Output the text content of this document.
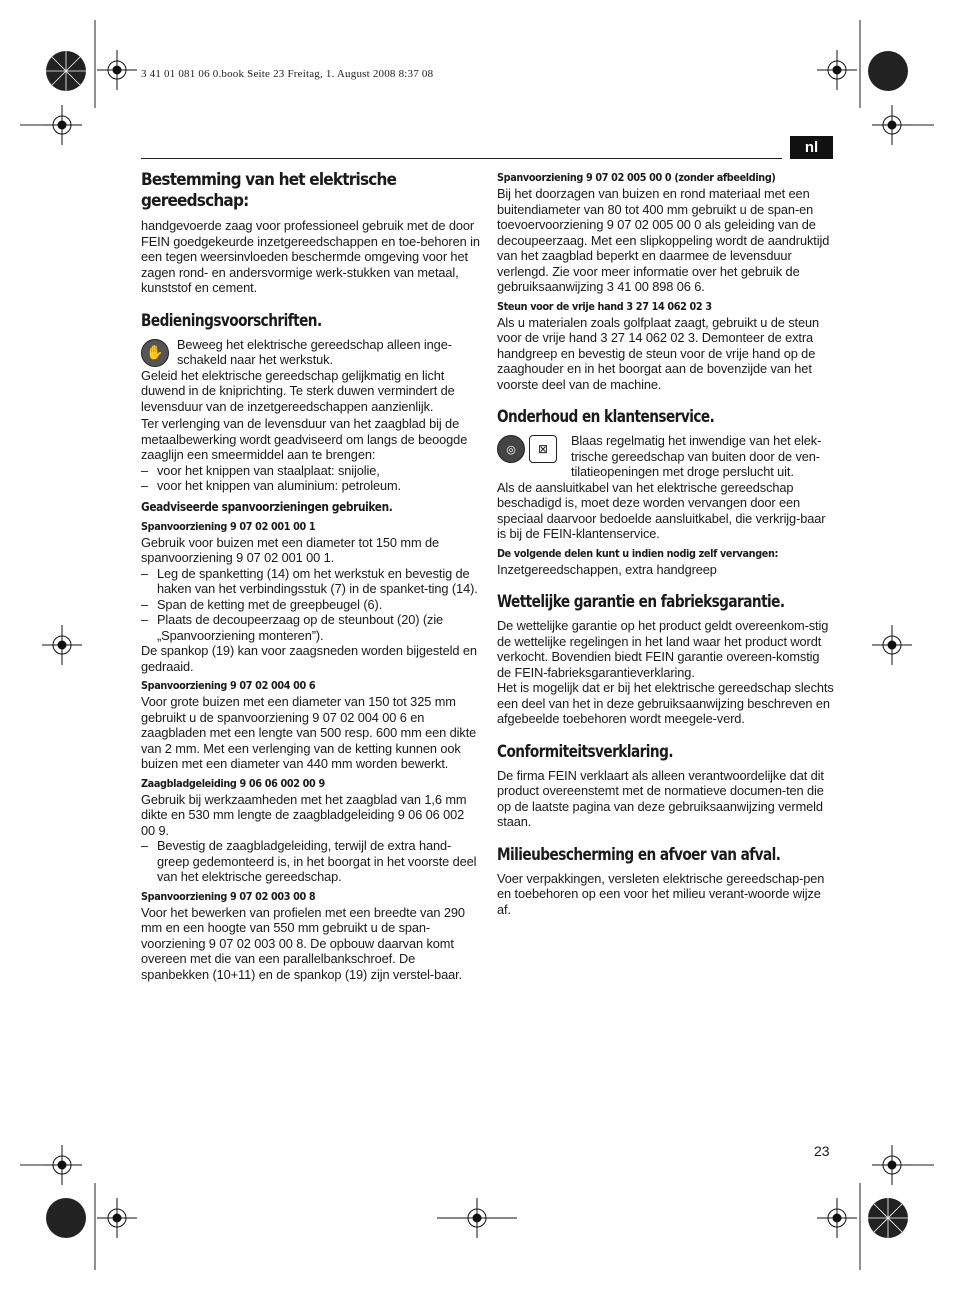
3 41 01 081 06 0.book Seite 23 Freitag, 1. August 2008 8:37 08
nl
23
Bestemming van het elektrische gereedschap:

handgevoerde zaag voor professioneel gebruik met de door FEIN goedgekeurde inzetgereedschappen en toe-behoren in een tegen weersinvloeden beschermde omgeving voor het zagen rond- en andersvormige werk-stukken van metaal, kunststof en cement.

Bedieningsvoorschriften.
✋	Beweeg het elektrische gereedschap alleen inge-schakeld naar het werkstuk.

Geleid het elektrische gereedschap gelijkmatig en licht duwend in de kniprichting. Te sterk duwen vermindert de levensduur van de inzetgereedschappen aanzienlijk.

Ter verlenging van de levensduur van het zaagblad bij de metaalbewerking wordt geadviseerd om langs de beoogde zaaglijn een smeermiddel aan te brengen:

– voor het knippen van staalplaat: snijolie,

– voor het knippen van aluminium: petroleum.

Geadviseerde spanvoorzieningen gebruiken.
Spanvoorziening 9 07 02 001 00 1

Gebruik voor buizen met een diameter tot 150 mm de spanvoorziening 9 07 02 001 00 1.

– Leg de spanketting (14) om het werkstuk en bevestig de haken van het verbindingsstuk (7) in de spanket-ting (14).

– Span de ketting met de greepbeugel (6).

– Plaats de decoupeerzaag op de steunbout (20) (zie „Spanvoorziening monteren”).

De spankop (19) kan voor zaagsneden worden bijgesteld en gedraaid.

Spanvoorziening 9 07 02 004 00 6

Voor grote buizen met een diameter van 150 tot 325 mm gebruikt u de spanvoorziening 9 07 02 004 00 6 en zaagbladen met een lengte van 500 resp. 600 mm een dikte van 2 mm. Met een verlenging van de ketting kunnen ook buizen met een diameter van 440 mm worden bewerkt.

Zaagbladgeleiding 9 06 06 002 00 9

Gebruik bij werkzaamheden met het zaagblad van 1,6 mm dikte en 530 mm lengte de zaagbladgeleiding 9 06 06 002 00 9.

– Bevestig de zaagbladgeleiding, terwijl de extra hand-greep gedemonteerd is, in het boorgat in het voorste deel van het elektrische gereedschap.

Spanvoorziening 9 07 02 003 00 8

Voor het bewerken van profielen met een breedte van 290 mm en een hoogte van 550 mm gebruikt u de span-voorziening 9 07 02 003 00 8. De opbouw daarvan komt overeen met die van een parallelbankschroef. De spanbekken (10+11) en de spankop (19) zijn verstel-baar.

Spanvoorziening 9 07 02 005 00 0 (zonder afbeelding)

Bij het doorzagen van buizen en rond materiaal met een buitendiameter van 80 tot 400 mm gebruikt u de span-en toevoervoorziening 9 07 02 005 00 0 als geleiding van de decoupeerzaag. Met een slipkoppeling wordt de aandruktijd van het zaagblad beperkt en daarmee de levensduur verlengd. Zie voor meer informatie over het gebruik de gebruiksaanwijzing 3 41 00 898 06 6.

Steun voor de vrije hand 3 27 14 062 02 3

Als u materialen zoals golfplaat zaagt, gebruikt u de steun voor de vrije hand 3 27 14 062 02 3. Demonteer de extra handgreep en bevestig de steun voor de vrije hand op de zaaghouder en in het boorgat aan de bovenzijde van het voorste deel van de machine.

Onderhoud en klantenservice.
◎	⊠

Blaas regelmatig het inwendige van het elek-trische gereedschap van buiten door de ven-tilatieopeningen met droge perslucht uit.

Als de aansluitkabel van het elektrische gereedschap beschadigd is, moet deze worden vervangen door een speciaal daarvoor bedoelde aansluitkabel, die verkrijg-baar is bij de FEIN-klantenservice.

De volgende delen kunt u indien nodig zelf vervangen:

Inzetgereedschappen, extra handgreep

Wettelijke garantie en fabrieksgarantie.

De wettelijke garantie op het product geldt overeenkom-stig de wettelijke regelingen in het land waar het product wordt verkocht. Bovendien biedt FEIN garantie overeen-komstig de FEIN-fabrieksgarantieverklaring.

Het is mogelijk dat er bij het elektrische gereedschap slechts een deel van het in deze gebruiksaanwijzing beschreven en afgebeelde toebehoren wordt meegele-verd.

Conformiteitsverklaring.

De firma FEIN verklaart als alleen verantwoordelijke dat dit product overeenstemt met de normatieve documen-ten die op de laatste pagina van deze gebruiksaanwijzing vermeld staan.

Milieubescherming en afvoer van afval.

Voer verpakkingen, versleten elektrische gereedschap-pen en toebehoren op een voor het milieu verant-woorde wijze af.
